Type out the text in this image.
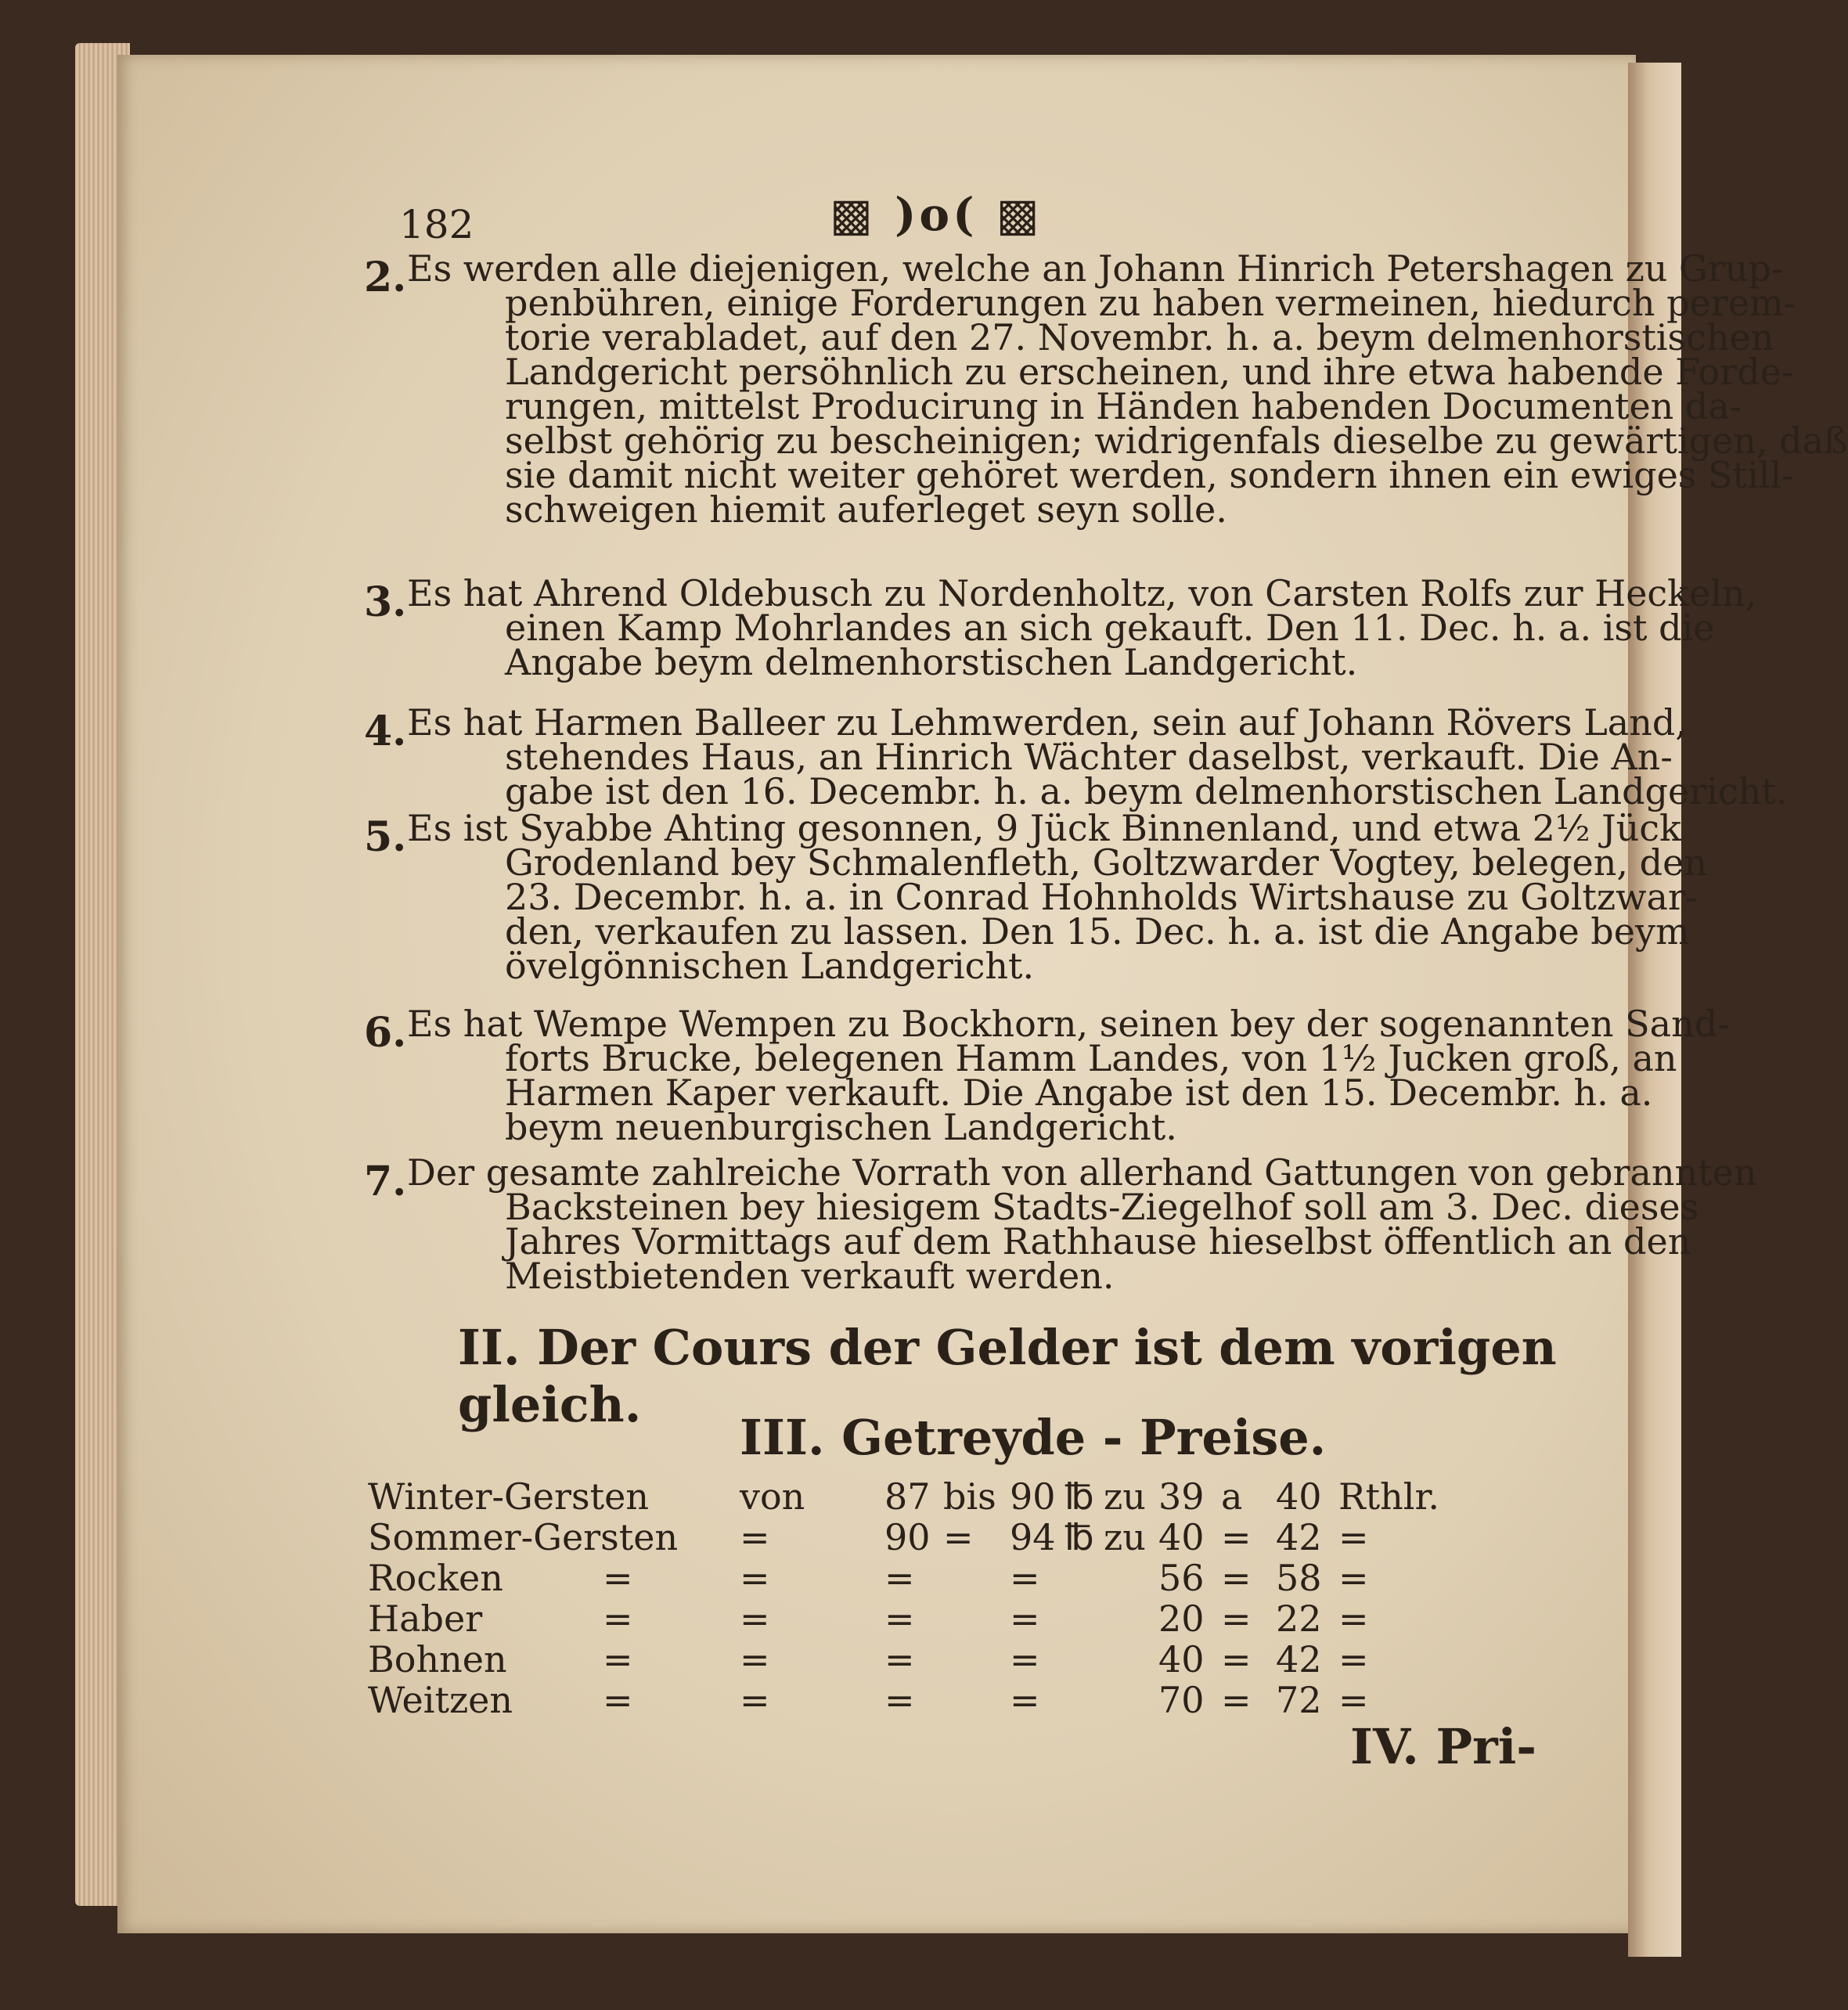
182	▩ )o( ▩
2. Es werden alle diejenigen, welche an Johann Hinrich Petershagen zu Grup-
penbühren, einige Forderungen zu haben vermeinen, hiedurch perem-
torie verabladet, auf den 27. Novembr. h. a. beym delmenhorstischen
Landgericht persöhnlich zu erscheinen, und ihre etwa habende Forde-
rungen, mittelst Producirung in Händen habenden Documenten da-
selbst gehörig zu bescheinigen; widrigenfals dieselbe zu gewärtigen, daß
sie damit nicht weiter gehöret werden, sondern ihnen ein ewiges Still-
schweigen hiemit auferleget seyn solle.
3. Es hat Ahrend Oldebusch zu Nordenholtz, von Carsten Rolfs zur Heckeln,
einen Kamp Mohrlandes an sich gekauft. Den 11. Dec. h. a. ist die
Angabe beym delmenhorstischen Landgericht.
4. Es hat Harmen Balleer zu Lehmwerden, sein auf Johann Rövers Land,
stehendes Haus, an Hinrich Wächter daselbst, verkauft. Die An-
gabe ist den 16. Decembr. h. a. beym delmenhorstischen Landgericht.
5. Es ist Syabbe Ahting gesonnen, 9 Jück Binnenland, und etwa 2½ Jück
Grodenland bey Schmalenfleth, Goltzwarder Vogtey, belegen, den
23. Decembr. h. a. in Conrad Hohnholds Wirtshause zu Goltzwar-
den, verkaufen zu lassen. Den 15. Dec. h. a. ist die Angabe beym
övelgönnischen Landgericht.
6. Es hat Wempe Wempen zu Bockhorn, seinen bey der sogenannten Sand-
forts Brucke, belegenen Hamm Landes, von 1½ Jucken groß, an
Harmen Kaper verkauft. Die Angabe ist den 15. Decembr. h. a.
beym neuenburgischen Landgericht.
7. Der gesamte zahlreiche Vorrath von allerhand Gattungen von gebrannten
Backsteinen bey hiesigem Stadts-Ziegelhof soll am 3. Dec. dieses
Jahres Vormittags auf dem Rathhause hieselbst öffentlich an den
Meistbietenden verkauft werden.
II. Der Cours der Gelder ist dem vorigen gleich.
III. Getreyde - Preise.
Winter-Gersten	von 87 bis 90 ℔ zu 39 a 40 Rthlr.
Sommer-Gersten =	90 = 94 ℔ zu 40 = 42 =
Rocken	=	=	=	=	56 = 58 =
Haber	=	=	=	=	20 = 22 =
Bohnen	=	=	=	=	40 = 42 =
Weitzen =	=	=	=	70 = 72 =
IV. Pri-
